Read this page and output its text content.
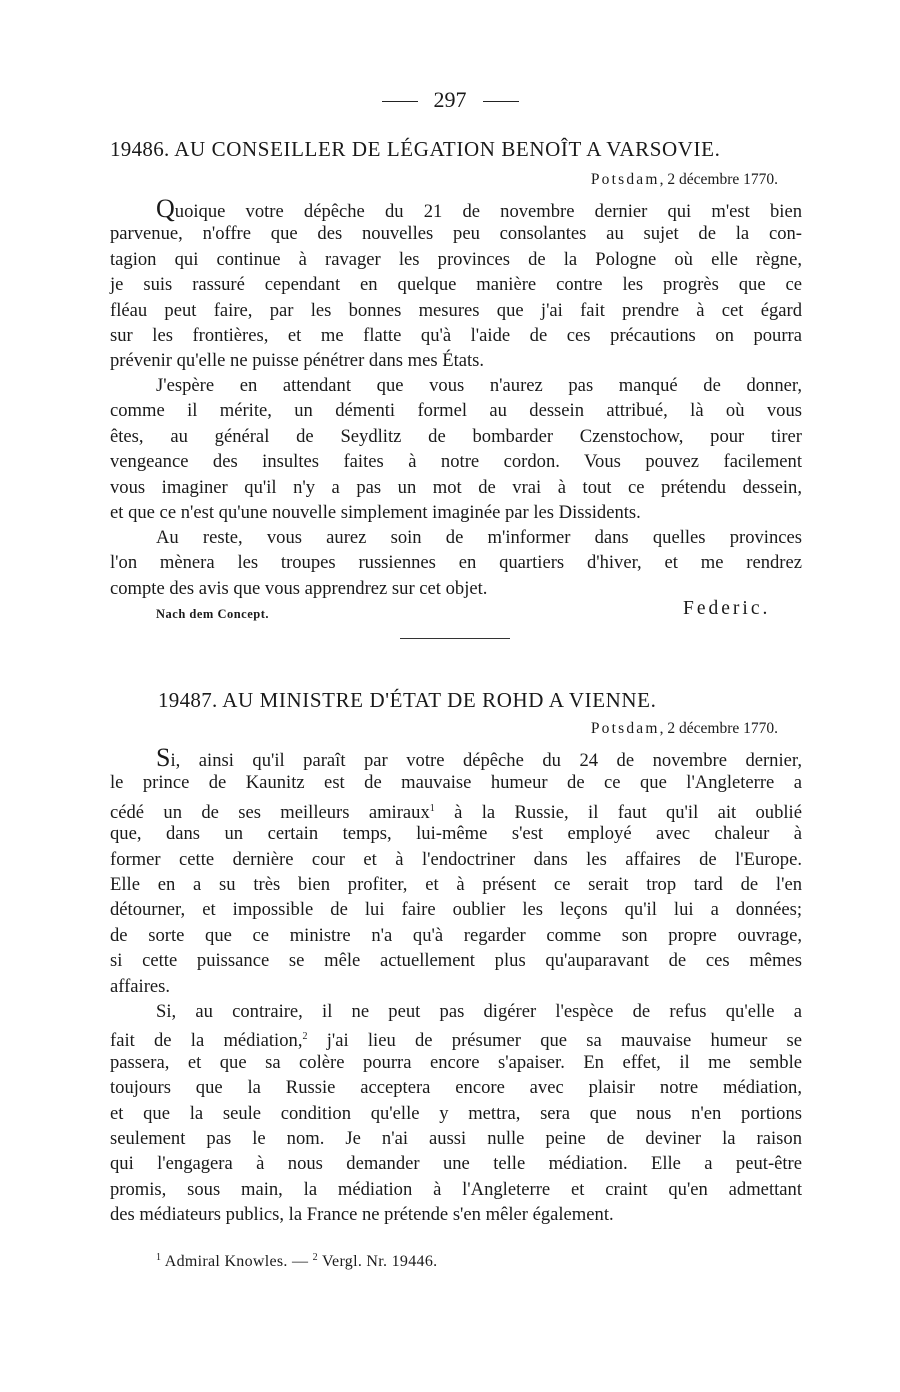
297
19486. AU CONSEILLER DE LÉGATION BENOÎT A VARSOVIE.
Potsdam, 2 décembre 1770.
Quoique votre dépêche du 21 de novembre dernier qui m'est bien
parvenue, n'offre que des nouvelles peu consolantes au sujet de la con-
tagion qui continue à ravager les provinces de la Pologne où elle règne,
je suis rassuré cependant en quelque manière contre les progrès que ce
fléau peut faire, par les bonnes mesures que j'ai fait prendre à cet égard
sur les frontières, et me flatte qu'à l'aide de ces précautions on pourra
prévenir qu'elle ne puisse pénétrer dans mes États.
J'espère en attendant que vous n'aurez pas manqué de donner,
comme il mérite, un démenti formel au dessein attribué, là où vous
êtes, au général de Seydlitz de bombarder Czenstochow, pour tirer
vengeance des insultes faites à notre cordon. Vous pouvez facilement
vous imaginer qu'il n'y a pas un mot de vrai à tout ce prétendu dessein,
et que ce n'est qu'une nouvelle simplement imaginée par les Dissidents.
Au reste, vous aurez soin de m'informer dans quelles provinces
l'on mènera les troupes russiennes en quartiers d'hiver, et me rendrez
compte des avis que vous apprendrez sur cet objet.
Nach dem Concept.	Federic.
19487. AU MINISTRE D'ÉTAT DE ROHD A VIENNE.
Potsdam, 2 décembre 1770.
Si, ainsi qu'il paraît par votre dépêche du 24 de novembre dernier,
le prince de Kaunitz est de mauvaise humeur de ce que l'Angleterre a
cédé un de ses meilleurs amiraux$^1$ à la Russie, il faut qu'il ait oublié
que, dans un certain temps, lui-même s'est employé avec chaleur à
former cette dernière cour et à l'endoctriner dans les affaires de l'Europe.
Elle en a su très bien profiter, et à présent ce serait trop tard de l'en
détourner, et impossible de lui faire oublier les leçons qu'il lui a données;
de sorte que ce ministre n'a qu'à regarder comme son propre ouvrage,
si cette puissance se mêle actuellement plus qu'auparavant de ces mêmes
affaires.
Si, au contraire, il ne peut pas digérer l'espèce de refus qu'elle a
fait de la médiation,$^2$ j'ai lieu de présumer que sa mauvaise humeur se
passera, et que sa colère pourra encore s'apaiser. En effet, il me semble
toujours que la Russie acceptera encore avec plaisir notre médiation,
et que la seule condition qu'elle y mettra, sera que nous n'en portions
seulement pas le nom. Je n'ai aussi nulle peine de deviner la raison
qui l'engagera à nous demander une telle médiation. Elle a peut-être
promis, sous main, la médiation à l'Angleterre et craint qu'en admettant
des médiateurs publics, la France ne prétende s'en mêler également.
$^1$ Admiral Knowles. — $^2$ Vergl. Nr. 19446.
